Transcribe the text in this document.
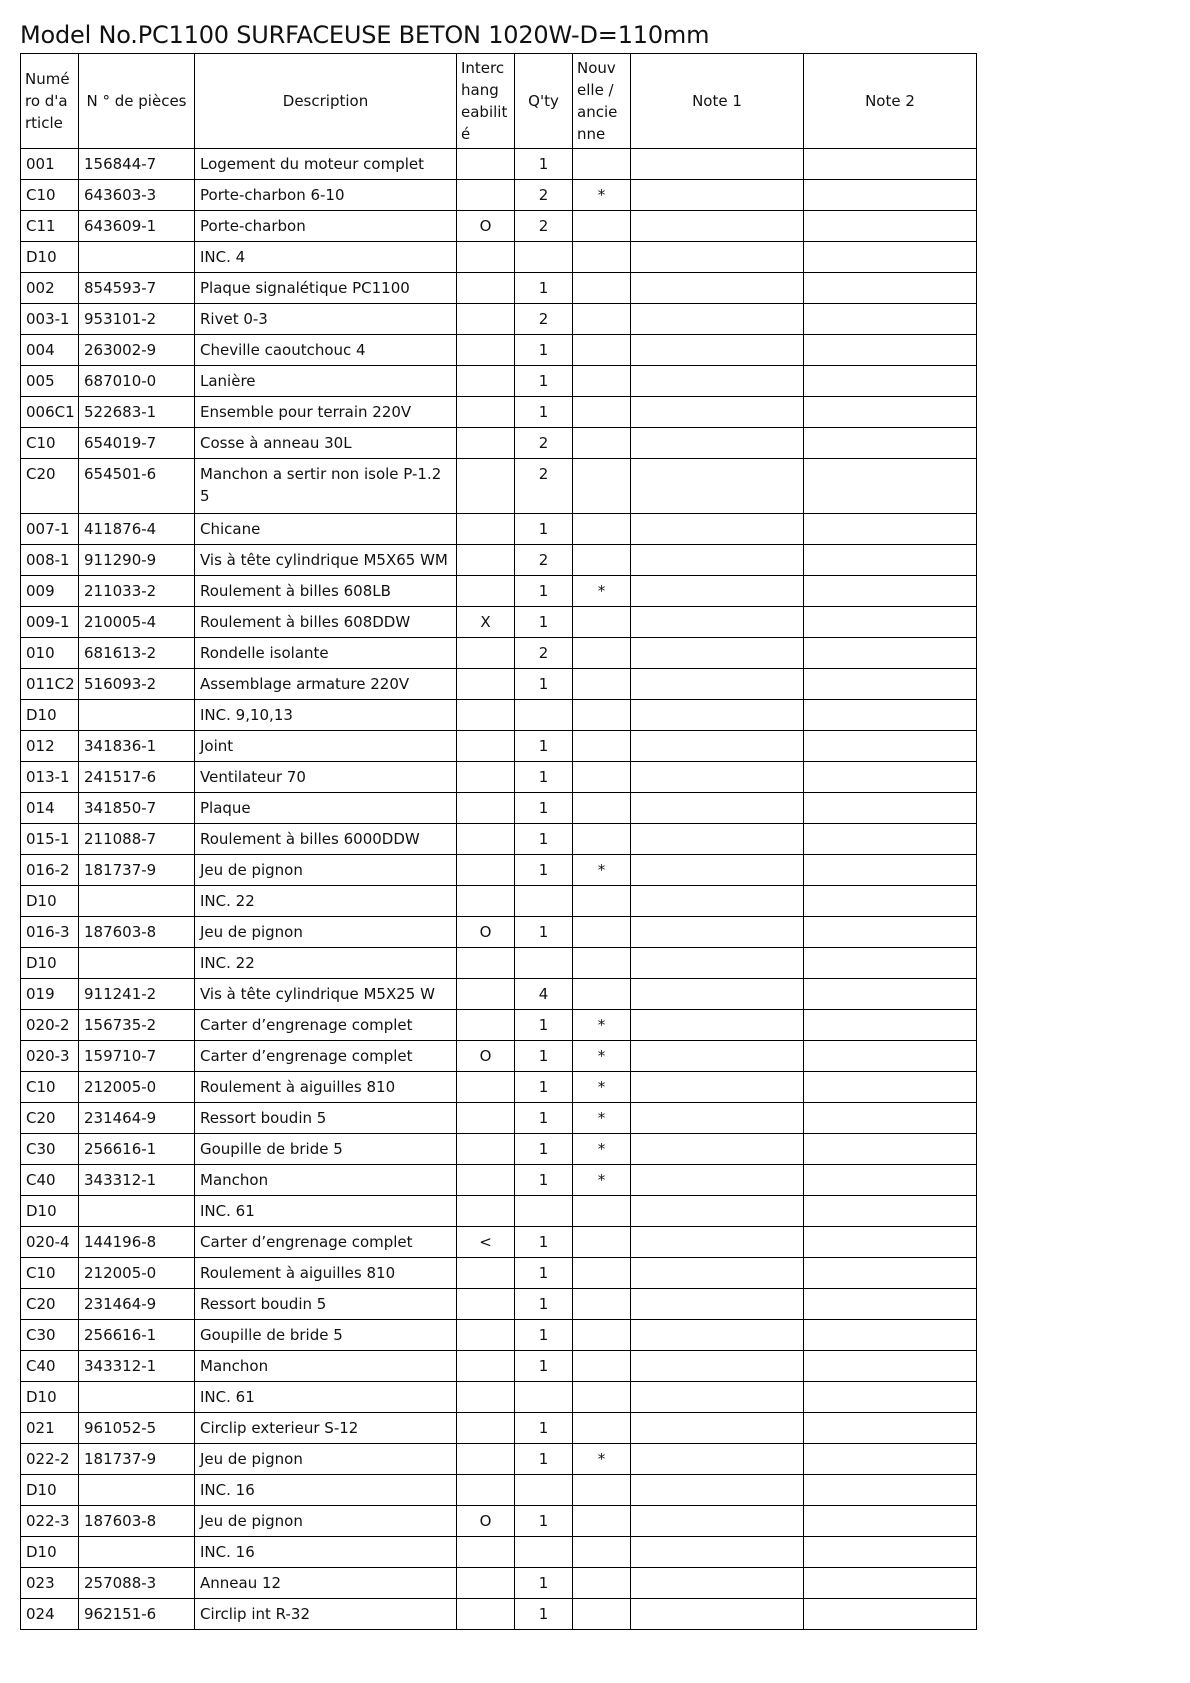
Model No.PC1100 SURFACEUSE BETON 1020W-D=110mm
Numé ro d'a rticle	N ° de pièces	Description	Interc hang eabilit é	Q'ty	Nouv elle / ancie nne	Note 1	Note 2
001	156844-7	Logement du moteur complet		1			
C10	643603-3	Porte-charbon 6-10		2	*		
C11	643609-1	Porte-charbon	O	2			
D10		INC. 4					
002	854593-7	Plaque signalétique PC1100		1			
003-1	953101-2	Rivet 0-3		2			
004	263002-9	Cheville caoutchouc 4		1			
005	687010-0	Lanière		1			
006C1	522683-1	Ensemble pour terrain 220V		1			
C10	654019-7	Cosse à anneau 30L		2			
C20	654501-6	Manchon a sertir non isole P-1.2 5		2			
007-1	411876-4	Chicane		1			
008-1	911290-9	Vis à tête cylindrique M5X65 WM		2			
009	211033-2	Roulement à billes 608LB		1	*		
009-1	210005-4	Roulement à billes 608DDW	X	1			
010	681613-2	Rondelle isolante		2			
011C2	516093-2	Assemblage armature 220V		1			
D10		INC. 9,10,13					
012	341836-1	Joint		1			
013-1	241517-6	Ventilateur 70		1			
014	341850-7	Plaque		1			
015-1	211088-7	Roulement à billes 6000DDW		1			
016-2	181737-9	Jeu de pignon		1	*		
D10		INC. 22					
016-3	187603-8	Jeu de pignon	O	1			
D10		INC. 22					
019	911241-2	Vis à tête cylindrique M5X25 W		4			
020-2	156735-2	Carter d’engrenage complet		1	*		
020-3	159710-7	Carter d’engrenage complet	O	1	*		
C10	212005-0	Roulement à aiguilles 810		1	*		
C20	231464-9	Ressort boudin 5		1	*		
C30	256616-1	Goupille de bride 5		1	*		
C40	343312-1	Manchon		1	*		
D10		INC. 61					
020-4	144196-8	Carter d’engrenage complet	<	1			
C10	212005-0	Roulement à aiguilles 810		1			
C20	231464-9	Ressort boudin 5		1			
C30	256616-1	Goupille de bride 5		1			
C40	343312-1	Manchon		1			
D10		INC. 61					
021	961052-5	Circlip exterieur S-12		1			
022-2	181737-9	Jeu de pignon		1	*		
D10		INC. 16					
022-3	187603-8	Jeu de pignon	O	1			
D10		INC. 16					
023	257088-3	Anneau 12		1			
024	962151-6	Circlip int R-32		1			
